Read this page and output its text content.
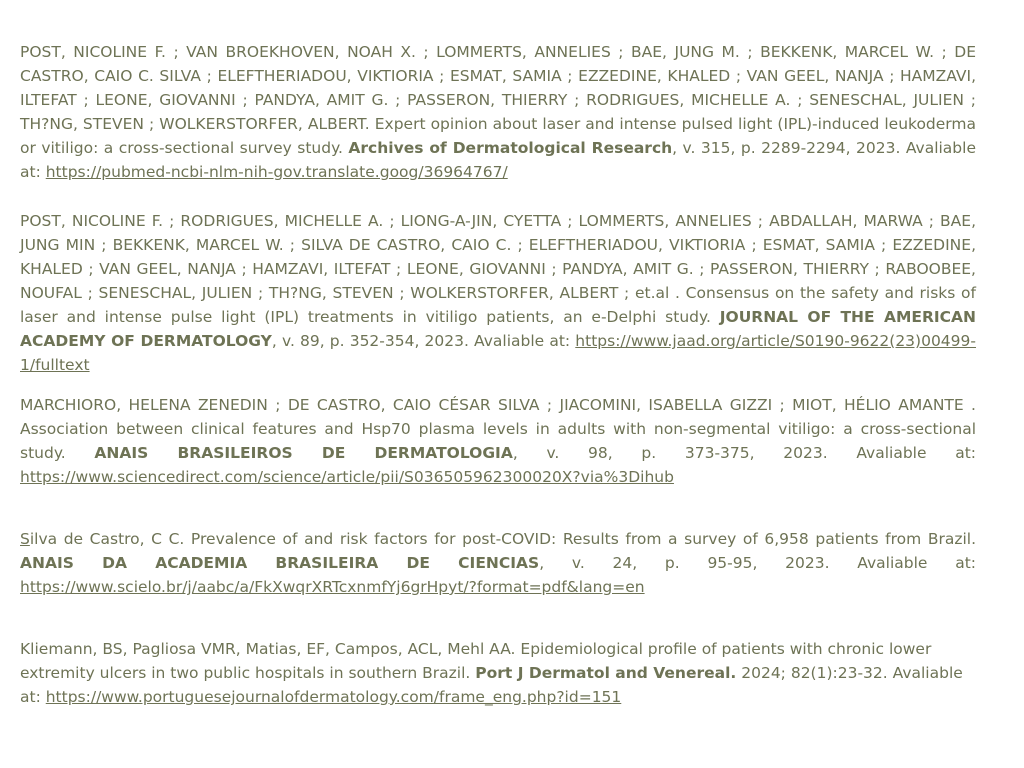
POST, NICOLINE F. ; VAN BROEKHOVEN, NOAH X. ; LOMMERTS, ANNELIES ; BAE, JUNG M. ; BEKKENK, MARCEL W. ; DE CASTRO, CAIO C. SILVA ; ELEFTHERIADOU, VIKTIORIA ; ESMAT, SAMIA ; EZZEDINE, KHALED ; VAN GEEL, NANJA ; HAMZAVI, ILTEFAT ; LEONE, GIOVANNI ; PANDYA, AMIT G. ; PASSERON, THIERRY ; RODRIGUES, MICHELLE A. ; SENESCHAL, JULIEN ; TH?NG, STEVEN ; WOLKERSTORFER, ALBERT. Expert opinion about laser and intense pulsed light (IPL)-induced leukoderma or vitiligo: a cross-sectional survey study. Archives of Dermatological Research, v. 315, p. 2289-2294, 2023. Avaliable at: https://pubmed-ncbi-nlm-nih-gov.translate.goog/36964767/

POST, NICOLINE F. ; RODRIGUES, MICHELLE A. ; LIONG-A-JIN, CYETTA ; LOMMERTS, ANNELIES ; ABDALLAH, MARWA ; BAE, JUNG MIN ; BEKKENK, MARCEL W. ; SILVA DE CASTRO, CAIO C. ; ELEFTHERIADOU, VIKTIORIA ; ESMAT, SAMIA ; EZZEDINE, KHALED ; VAN GEEL, NANJA ; HAMZAVI, ILTEFAT ; LEONE, GIOVANNI ; PANDYA, AMIT G. ; PASSERON, THIERRY ; RABOOBEE, NOUFAL ; SENESCHAL, JULIEN ; TH?NG, STEVEN ; WOLKERSTORFER, ALBERT ; et.al . Consensus on the safety and risks of laser and intense pulse light (IPL) treatments in vitiligo patients, an e-Delphi study. JOURNAL OF THE AMERICAN ACADEMY OF DERMATOLOGY, v. 89, p. 352-354, 2023. Avaliable at: https://www.jaad.org/article/S0190-9622(23)00499-1/fulltext

MARCHIORO, HELENA ZENEDIN ; DE CASTRO, CAIO CÉSAR SILVA ; JIACOMINI, ISABELLA GIZZI ; MIOT, HÉLIO AMANTE . Association between clinical features and Hsp70 plasma levels in adults with non-segmental vitiligo: a cross-sectional study. ANAIS BRASILEIROS DE DERMATOLOGIA, v. 98, p. 373-375, 2023. Avaliable at: https://www.sciencedirect.com/science/article/pii/S036505962300020X?via%3Dihub

Silva de Castro, C C. Prevalence of and risk factors for post-COVID: Results from a survey of 6,958 patients from Brazil. ANAIS DA ACADEMIA BRASILEIRA DE CIENCIAS, v. 24, p. 95-95, 2023. Avaliable at: https://www.scielo.br/j/aabc/a/FkXwqrXRTcxnmfYj6grHpyt/?format=pdf&lang=en

Kliemann, BS, Pagliosa VMR, Matias, EF, Campos, ACL, Mehl AA. Epidemiological profile of patients with chronic lower extremity ulcers in two public hospitals in southern Brazil. Port J Dermatol and Venereal. 2024; 82(1):23-32. Avaliable at: https://www.portuguesejournalofdermatology.com/frame_eng.php?id=151
